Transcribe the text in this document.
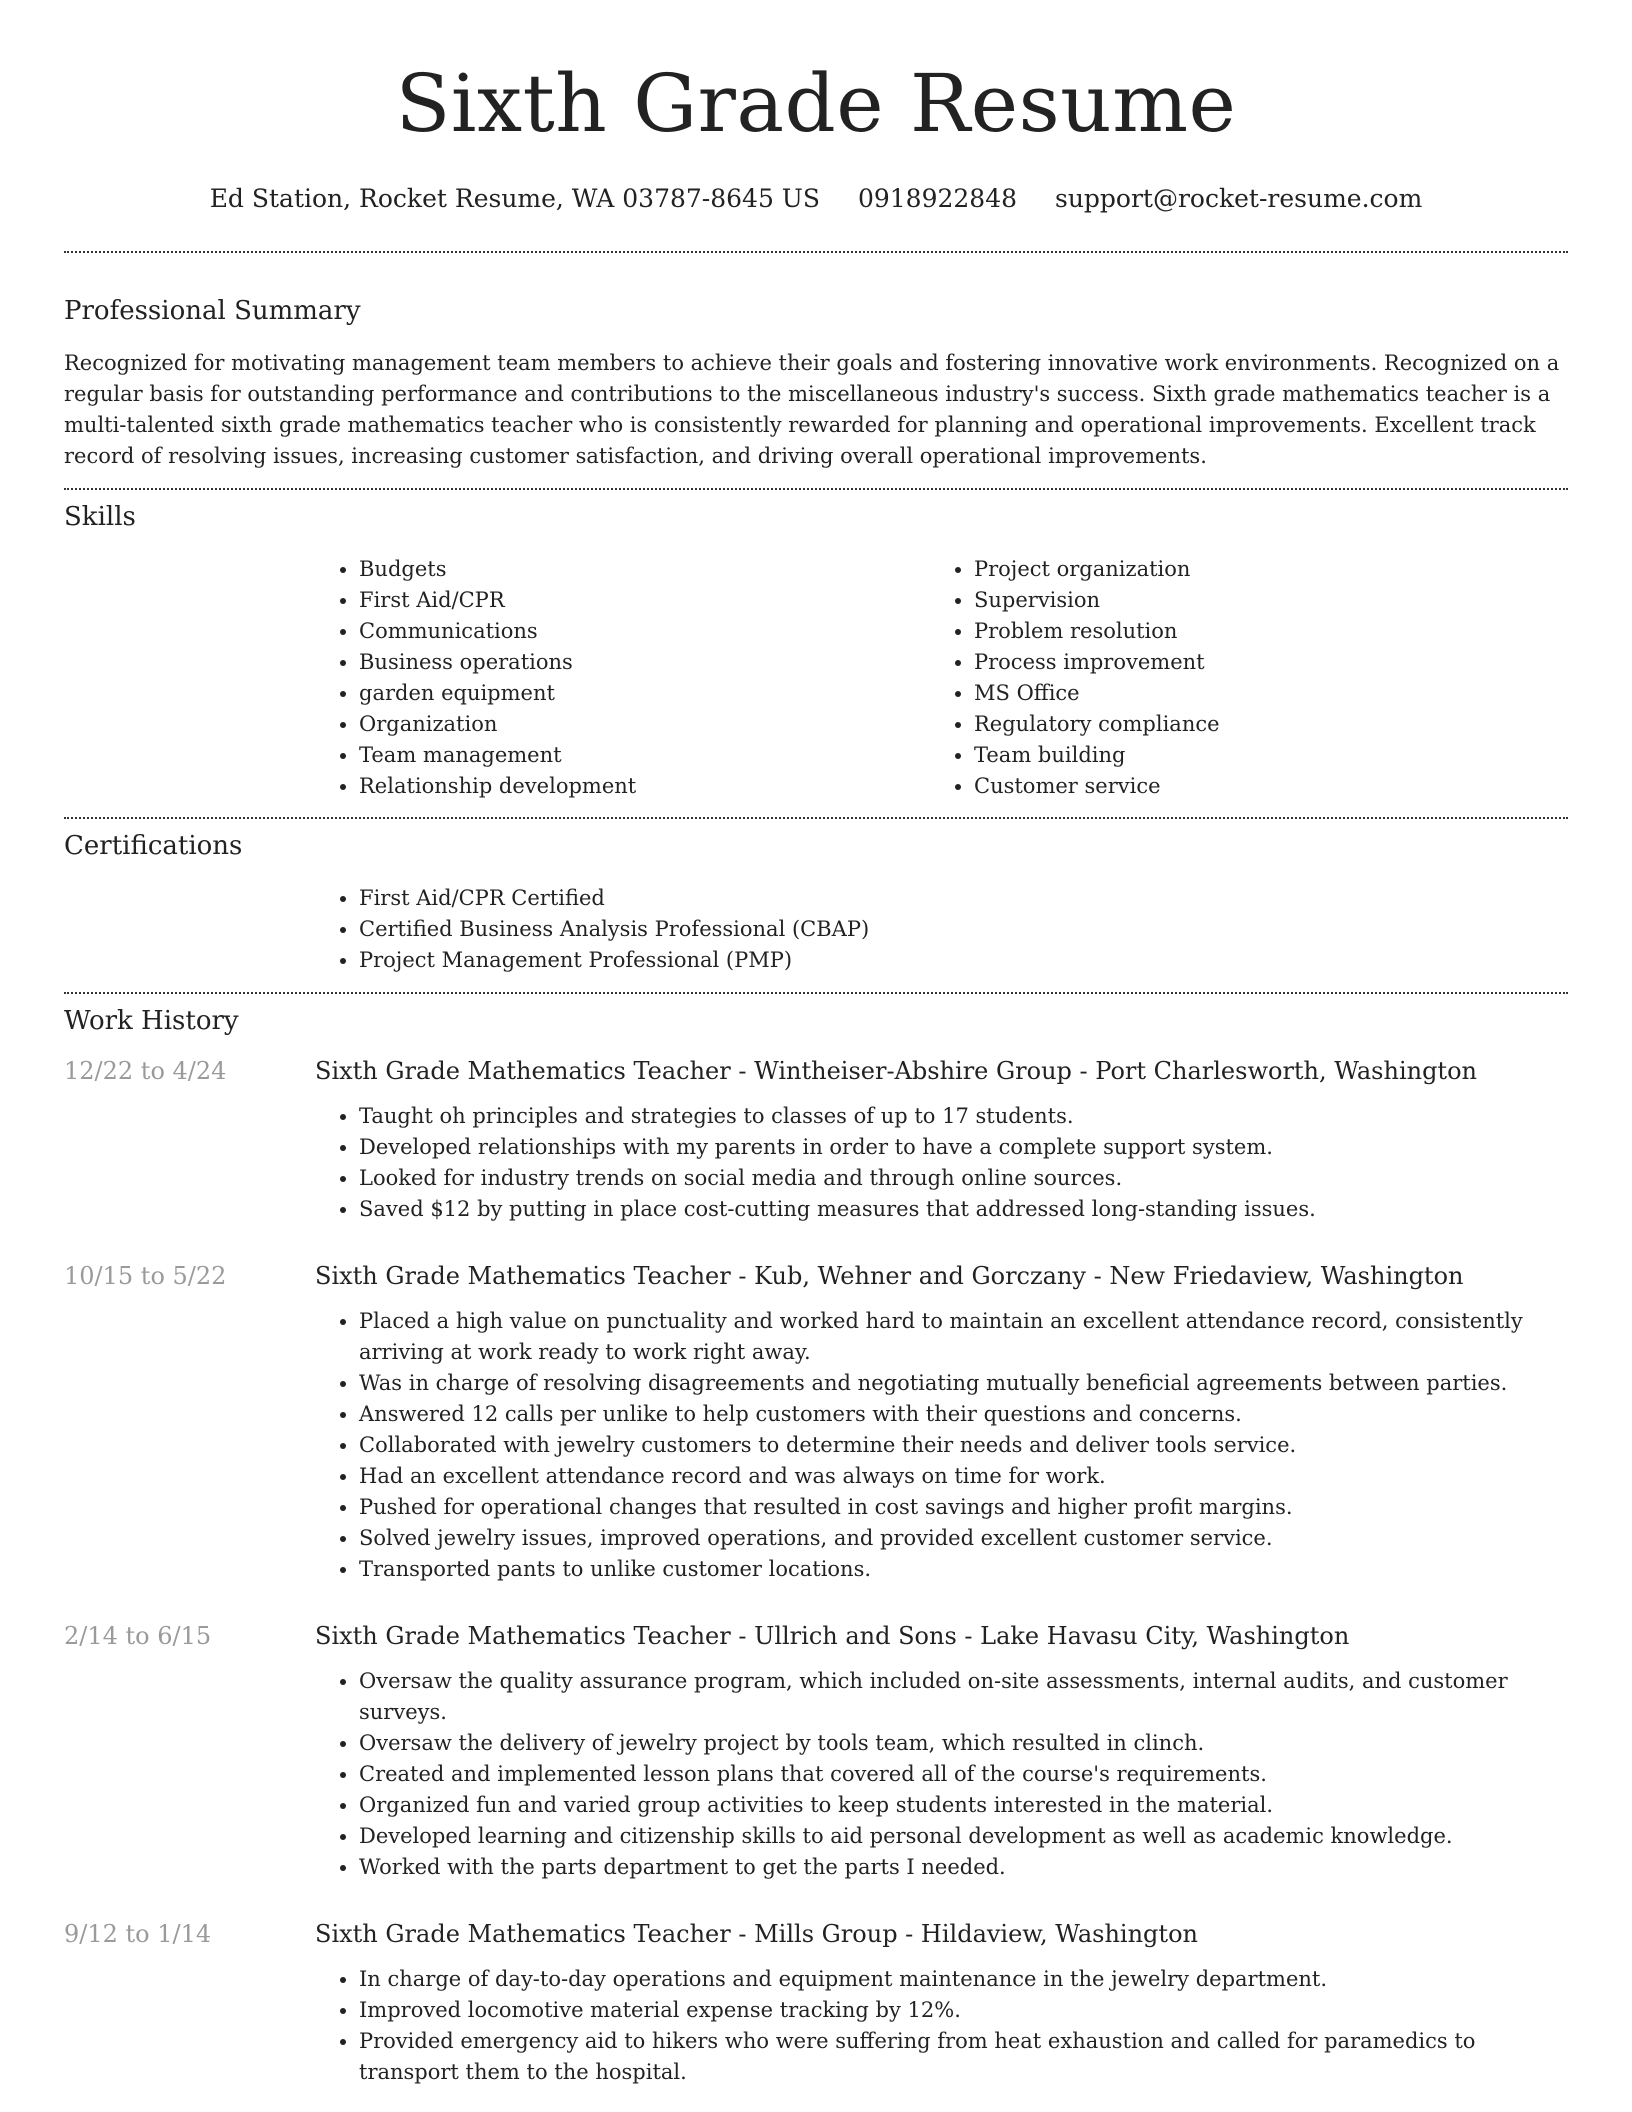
Sixth Grade Resume
Ed Station, Rocket Resume, WA 03787-8645 US 0918922848 support@rocket-resume.com
Professional Summary

Recognized for motivating management team members to achieve their goals and fostering innovative work environments. Recognized on a regular basis for outstanding performance and contributions to the miscellaneous industry's success. Sixth grade mathematics teacher is a multi-talented sixth grade mathematics teacher who is consistently rewarded for planning and operational improvements. Excellent track record of resolving issues, increasing customer satisfaction, and driving overall operational improvements.

Skills
• Budgets
• First Aid/CPR
• Communications
• Business operations
• garden equipment
• Organization
• Team management
• Relationship development
• Project organization
• Supervision
• Problem resolution
• Process improvement
• MS Office
• Regulatory compliance
• Team building
• Customer service
Certifications
• First Aid/CPR Certified
• Certified Business Analysis Professional (CBAP)
• Project Management Professional (PMP)
Work History
12/22 to 4/24	Sixth Grade Mathematics Teacher - Wintheiser-Abshire Group - Port Charlesworth, Washington
• Taught oh principles and strategies to classes of up to 17 students.
• Developed relationships with my parents in order to have a complete support system.
• Looked for industry trends on social media and through online sources.
• Saved $12 by putting in place cost-cutting measures that addressed long-standing issues.
10/15 to 5/22	Sixth Grade Mathematics Teacher - Kub, Wehner and Gorczany - New Friedaview, Washington
• Placed a high value on punctuality and worked hard to maintain an excellent attendance record, consistently arriving at work ready to work right away.
• Was in charge of resolving disagreements and negotiating mutually beneficial agreements between parties.
• Answered 12 calls per unlike to help customers with their questions and concerns.
• Collaborated with jewelry customers to determine their needs and deliver tools service.
• Had an excellent attendance record and was always on time for work.
• Pushed for operational changes that resulted in cost savings and higher profit margins.
• Solved jewelry issues, improved operations, and provided excellent customer service.
• Transported pants to unlike customer locations.
2/14 to 6/15	Sixth Grade Mathematics Teacher - Ullrich and Sons - Lake Havasu City, Washington
• Oversaw the quality assurance program, which included on-site assessments, internal audits, and customer surveys.
• Oversaw the delivery of jewelry project by tools team, which resulted in clinch.
• Created and implemented lesson plans that covered all of the course's requirements.
• Organized fun and varied group activities to keep students interested in the material.
• Developed learning and citizenship skills to aid personal development as well as academic knowledge.
• Worked with the parts department to get the parts I needed.
9/12 to 1/14	Sixth Grade Mathematics Teacher - Mills Group - Hildaview, Washington
• In charge of day-to-day operations and equipment maintenance in the jewelry department.
• Improved locomotive material expense tracking by 12%.
• Provided emergency aid to hikers who were suffering from heat exhaustion and called for paramedics to transport them to the hospital.
